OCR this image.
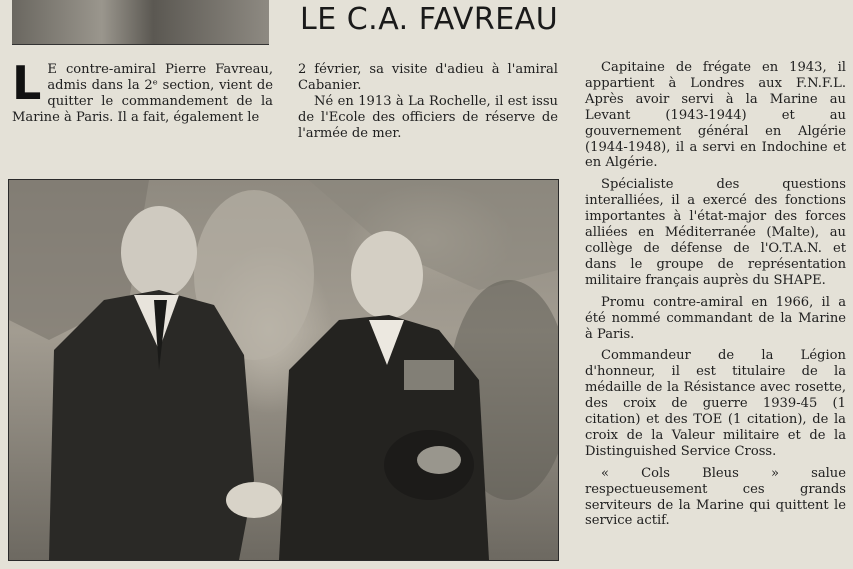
LE C.A. FAVREAU
L E contre-amiral Pierre Favreau, admis dans la 2ᵉ section, vient de quitter le commandement de la Marine à Paris. Il a fait, également le

2 février, sa visite d'adieu à l'amiral Cabanier.

Né en 1913 à La Rochelle, il est issu de l'Ecole des officiers de réserve de l'armée de mer.

Capitaine de frégate en 1943, il appartient à Londres aux F.N.F.L. Après avoir servi à la Marine au Levant (1943-1944) et au gouvernement général en Algérie (1944-1948), il a servi en Indochine et en Algérie.

Spécialiste des questions interalliées, il a exercé des fonctions importantes à l'état-major des forces alliées en Méditerranée (Malte), au collège de défense de l'O.T.A.N. et dans le groupe de représentation militaire français auprès du SHAPE.

Promu contre-amiral en 1966, il a été nommé commandant de la Marine à Paris.

Commandeur de la Légion d'honneur, il est titulaire de la médaille de la Résistance avec rosette, des croix de guerre 1939-45 (1 citation) et des TOE (1 citation), de la croix de la Valeur militaire et de la Distinguished Service Cross.

« Cols Bleus » salue respectueusement ces grands serviteurs de la Marine qui quittent le service actif.
